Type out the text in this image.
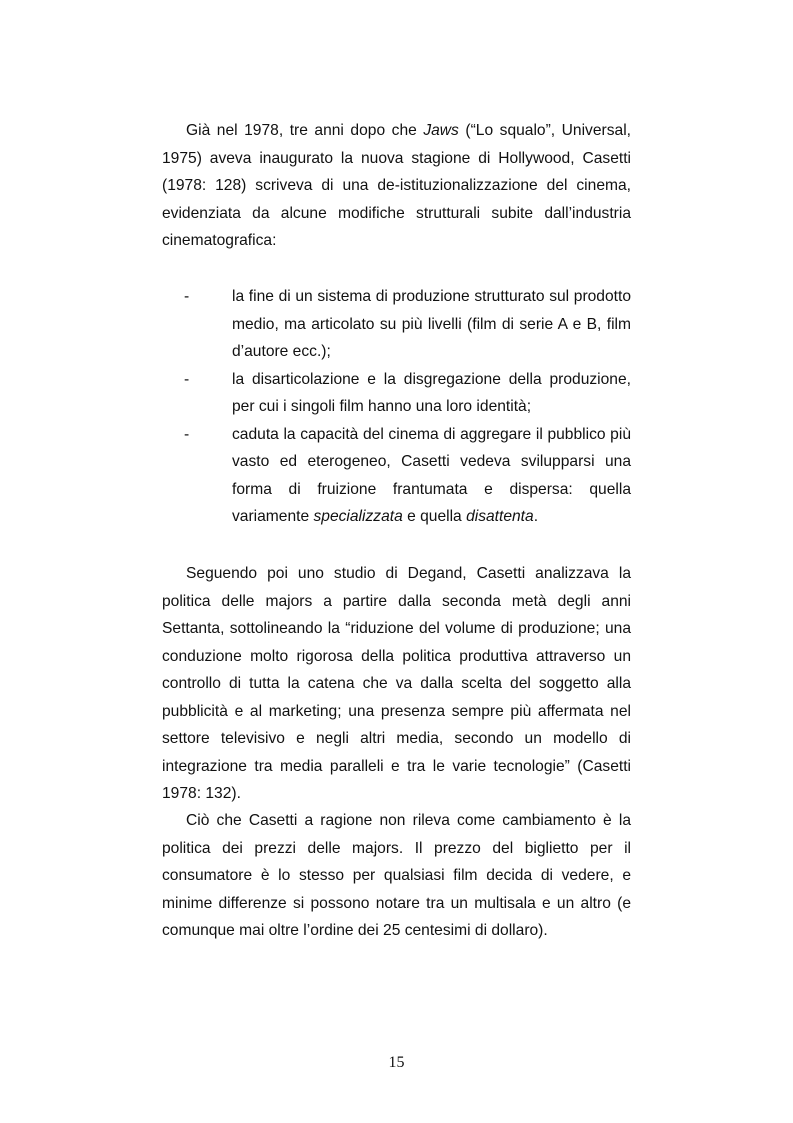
Già nel 1978, tre anni dopo che Jaws (“Lo squalo”, Universal, 1975) aveva inaugurato la nuova stagione di Hollywood, Casetti (1978: 128) scriveva di una de-istituzionalizzazione del cinema, evidenziata da alcune modifiche strutturali subite dall’industria cinematografica:

-	la fine di un sistema di produzione strutturato sul prodotto medio, ma articolato su più livelli (film di serie A e B, film d’autore ecc.);
-	la disarticolazione e la disgregazione della produzione, per cui i singoli film hanno una loro identità;
-	caduta la capacità del cinema di aggregare il pubblico più vasto ed eterogeneo, Casetti vedeva svilupparsi una forma di fruizione frantumata e dispersa: quella variamente specializzata e quella disattenta.

Seguendo poi uno studio di Degand, Casetti analizzava la politica delle majors a partire dalla seconda metà degli anni Settanta, sottolineando la “riduzione del volume di produzione; una conduzione molto rigorosa della politica produttiva attraverso un controllo di tutta la catena che va dalla scelta del soggetto alla pubblicità e al marketing; una presenza sempre più affermata nel settore televisivo e negli altri media, secondo un modello di integrazione tra media paralleli e tra le varie tecnologie” (Casetti 1978: 132).

Ciò che Casetti a ragione non rileva come cambiamento è la politica dei prezzi delle majors. Il prezzo del biglietto per il consumatore è lo stesso per qualsiasi film decida di vedere, e minime differenze si possono notare tra un multisala e un altro (e comunque mai oltre l’ordine dei 25 centesimi di dollaro).

15
